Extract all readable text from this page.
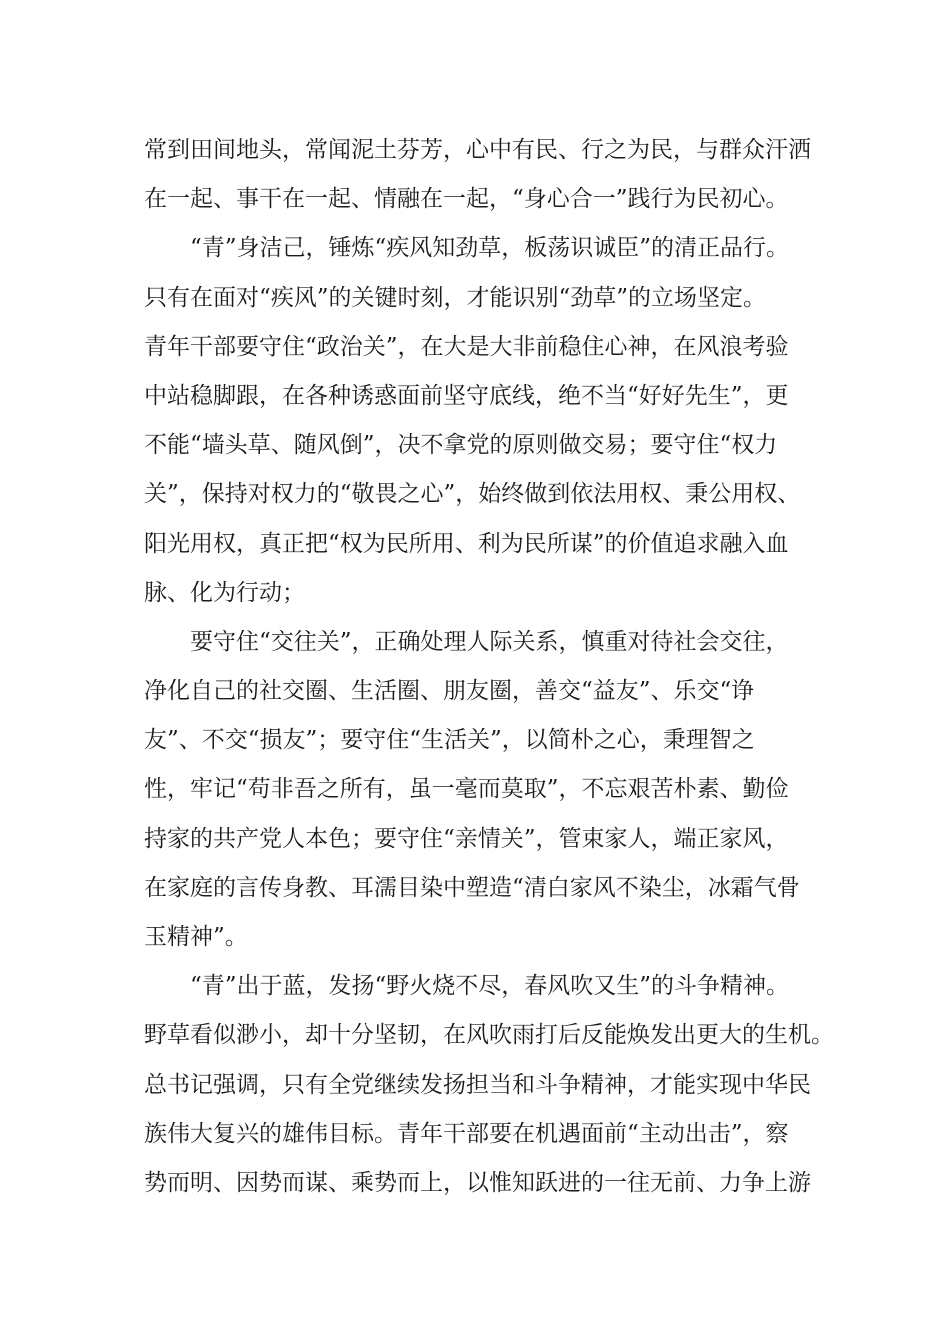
常到田间地头，常闻泥土芬芳，心中有民、行之为民，与群众汗洒
在一起、事干在一起、情融在一起，“身心合一”践行为民初心。
“青”身洁己，锤炼“疾风知劲草，板荡识诚臣”的清正品行。
只有在面对“疾风”的关键时刻，才能识别“劲草”的立场坚定。
青年干部要守住“政治关”，在大是大非前稳住心神，在风浪考验
中站稳脚跟，在各种诱惑面前坚守底线，绝不当“好好先生”，更
不能“墙头草、随风倒”，决不拿党的原则做交易；要守住“权力
关”，保持对权力的“敬畏之心”，始终做到依法用权、秉公用权、
阳光用权，真正把“权为民所用、利为民所谋”的价值追求融入血
脉、化为行动；
要守住“交往关”，正确处理人际关系，慎重对待社会交往，
净化自己的社交圈、生活圈、朋友圈，善交“益友”、乐交“诤
友”、不交“损友”；要守住“生活关”，以简朴之心，秉理智之
性，牢记“苟非吾之所有，虽一毫而莫取”，不忘艰苦朴素、勤俭
持家的共产党人本色；要守住“亲情关”，管束家人，端正家风，
在家庭的言传身教、耳濡目染中塑造“清白家风不染尘，冰霜气骨
玉精神”。
“青”出于蓝，发扬“野火烧不尽，春风吹又生”的斗争精神。
野草看似渺小，却十分坚韧，在风吹雨打后反能焕发出更大的生机。
总书记强调，只有全党继续发扬担当和斗争精神，才能实现中华民
族伟大复兴的雄伟目标。青年干部要在机遇面前“主动出击”，察
势而明、因势而谋、乘势而上，以惟知跃进的一往无前、力争上游
